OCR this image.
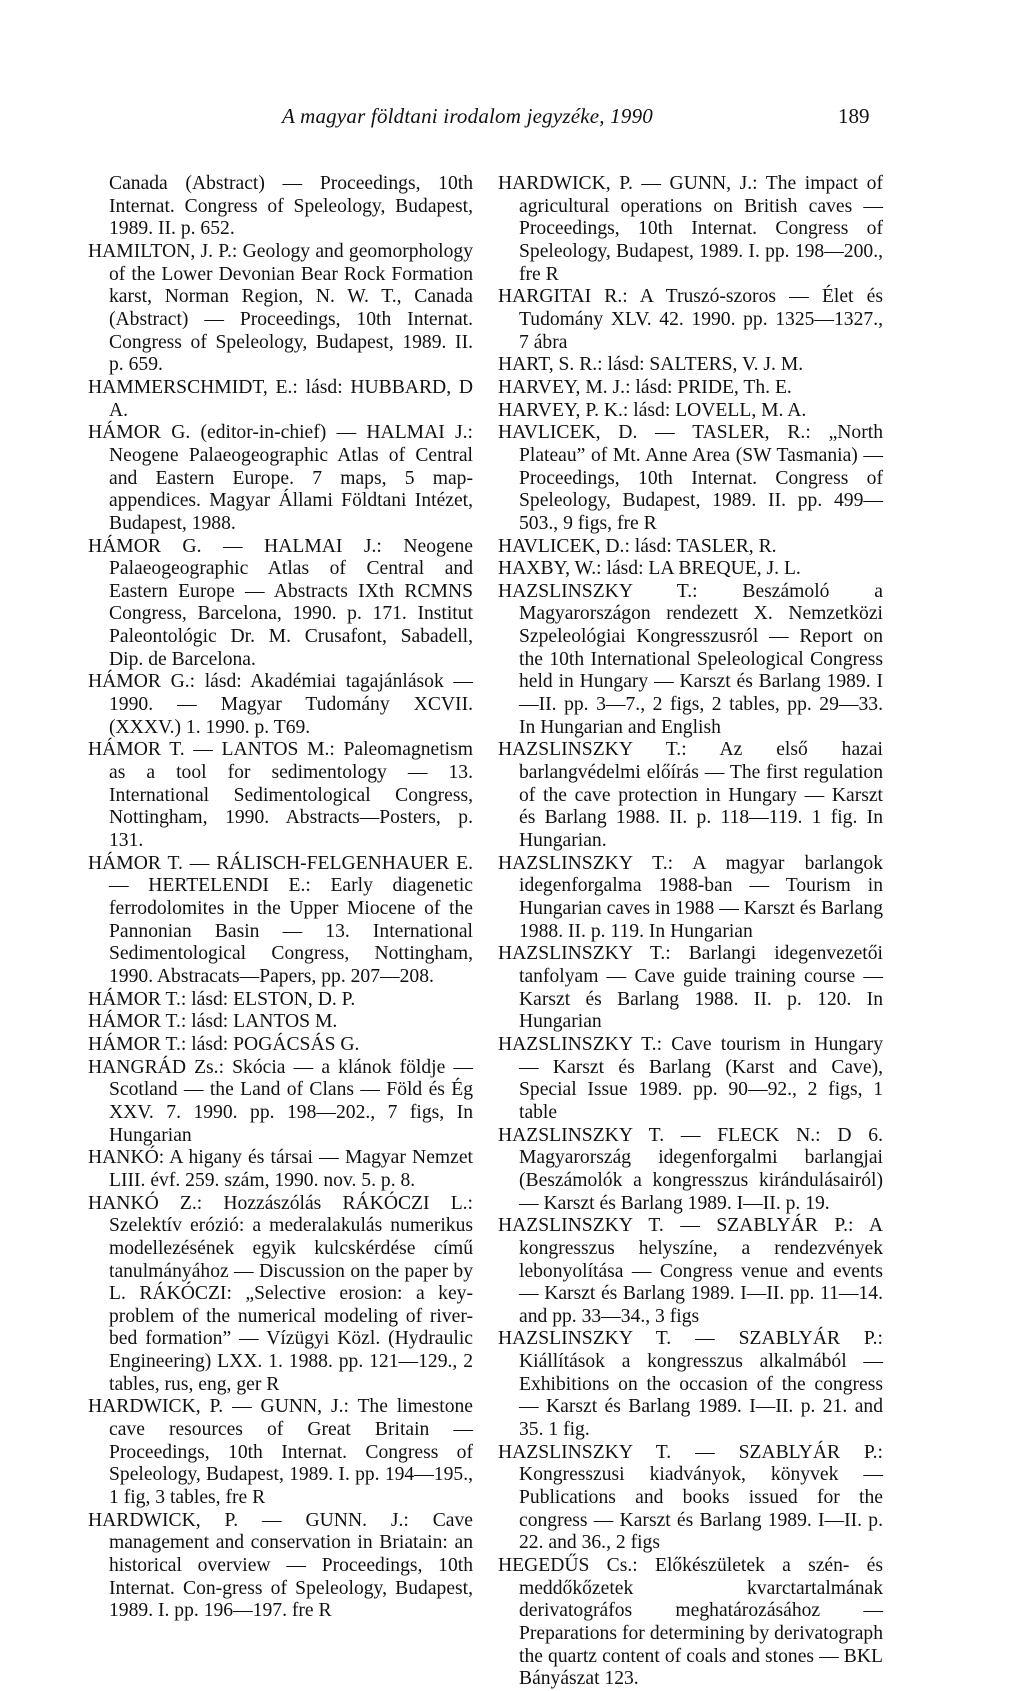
A magyar földtani irodalom jegyzéke, 1990	189

Canada (Abstract) — Proceedings, 10th Internat. Congress of Speleology, Budapest, 1989. II. p. 652.

HAMILTON, J. P.: Geology and geomorphology of the Lower Devonian Bear Rock Formation karst, Norman Region, N. W. T., Canada (Abstract) — Proceedings, 10th Internat. Congress of Speleology, Budapest, 1989. II. p. 659.

HAMMERSCHMIDT, E.: lásd: HUBBARD, D A.

HÁMOR G. (editor-in-chief) — HALMAI J.: Neogene Palaeogeographic Atlas of Central and Eastern Europe. 7 maps, 5 map-appendices. Magyar Állami Földtani Intézet, Budapest, 1988.

HÁMOR G. — HALMAI J.: Neogene Palaeogeographic Atlas of Central and Eastern Europe — Abstracts IXth RCMNS Congress, Barcelona, 1990. p. 171. Institut Paleontológic Dr. M. Crusafont, Sabadell, Dip. de Barcelona.

HÁMOR G.: lásd: Akadémiai tagajánlások — 1990. — Magyar Tudomány XCVII. (XXXV.) 1. 1990. p. T69.

HÁMOR T. — LANTOS M.: Paleomagnetism as a tool for sedimentology — 13. International Sedimentological Congress, Nottingham, 1990. Abstracts—Posters, p. 131.

HÁMOR T. — RÁLISCH-FELGENHAUER E. — HERTELENDI E.: Early diagenetic ferrodolomites in the Upper Miocene of the Pannonian Basin — 13. International Sedimentological Congress, Nottingham, 1990. Abstracats—Papers, pp. 207—208.

HÁMOR T.: lásd: ELSTON, D. P.

HÁMOR T.: lásd: LANTOS M.

HÁMOR T.: lásd: POGÁCSÁS G.

HANGRÁD Zs.: Skócia — a klánok földje — Scotland — the Land of Clans — Föld és Ég XXV. 7. 1990. pp. 198—202., 7 figs, In Hungarian

HANKÓ: A higany és társai — Magyar Nemzet LIII. évf. 259. szám, 1990. nov. 5. p. 8.

HANKÓ Z.: Hozzászólás RÁKÓCZI L.: Szelektív erózió: a mederalakulás numerikus modellezésének egyik kulcskérdése című tanulmányához — Discussion on the paper by L. RÁKÓCZI: „Selective erosion: a key-problem of the numerical modeling of river-bed formation” — Vízügyi Közl. (Hydraulic Engineering) LXX. 1. 1988. pp. 121—129., 2 tables, rus, eng, ger R

HARDWICK, P. — GUNN, J.: The limestone cave resources of Great Britain — Proceedings, 10th Internat. Congress of Speleology, Budapest, 1989. I. pp. 194—195., 1 fig, 3 tables, fre R

HARDWICK, P. — GUNN. J.: Cave management and conservation in Briatain: an historical overview — Proceedings, 10th Internat. Con-gress of Speleology, Budapest, 1989. I. pp. 196—197. fre R

HARDWICK, P. — GUNN, J.: The impact of agricultural operations on British caves — Proceedings, 10th Internat. Congress of Speleology, Budapest, 1989. I. pp. 198—200., fre R

HARGITAI R.: A Truszó-szoros — Élet és Tudomány XLV. 42. 1990. pp. 1325—1327., 7 ábra

HART, S. R.: lásd: SALTERS, V. J. M.

HARVEY, M. J.: lásd: PRIDE, Th. E.

HARVEY, P. K.: lásd: LOVELL, M. A.

HAVLICEK, D. — TASLER, R.: „North Plateau” of Mt. Anne Area (SW Tasmania) — Proceedings, 10th Internat. Congress of Speleology, Budapest, 1989. II. pp. 499—503., 9 figs, fre R

HAVLICEK, D.: lásd: TASLER, R.

HAXBY, W.: lásd: LA BREQUE, J. L.

HAZSLINSZKY T.: Beszámoló a Magyarországon rendezett X. Nemzetközi Szpeleológiai Kongresszusról — Report on the 10th International Speleological Congress held in Hungary — Karszt és Barlang 1989. I—II. pp. 3—7., 2 figs, 2 tables, pp. 29—33. In Hungarian and English

HAZSLINSZKY T.: Az első hazai barlangvédelmi előírás — The first regulation of the cave protection in Hungary — Karszt és Barlang 1988. II. p. 118—119. 1 fig. In Hungarian.

HAZSLINSZKY T.: A magyar barlangok idegenforgalma 1988-ban — Tourism in Hungarian caves in 1988 — Karszt és Barlang 1988. II. p. 119. In Hungarian

HAZSLINSZKY T.: Barlangi idegenvezetői tanfolyam — Cave guide training course — Karszt és Barlang 1988. II. p. 120. In Hungarian

HAZSLINSZKY T.: Cave tourism in Hungary — Karszt és Barlang (Karst and Cave), Special Issue 1989. pp. 90—92., 2 figs, 1 table

HAZSLINSZKY T. — FLECK N.: D 6. Magyarország idegenforgalmi barlangjai (Beszámolók a kongresszus kirándulásairól) — Karszt és Barlang 1989. I—II. p. 19.

HAZSLINSZKY T. — SZABLYÁR P.: A kongresszus helyszíne, a rendezvények lebonyolítása — Congress venue and events — Karszt és Barlang 1989. I—II. pp. 11—14. and pp. 33—34., 3 figs

HAZSLINSZKY T. — SZABLYÁR P.: Kiállítások a kongresszus alkalmából — Exhibitions on the occasion of the congress — Karszt és Barlang 1989. I—II. p. 21. and 35. 1 fig.

HAZSLINSZKY T. — SZABLYÁR P.: Kongresszusi kiadványok, könyvek — Publications and books issued for the congress — Karszt és Barlang 1989. I—II. p. 22. and 36., 2 figs

HEGEDŰS Cs.: Előkészületek a szén- és meddőkőzetek kvarctartalmának derivatográfos meghatározásához — Preparations for determining by derivatograph the quartz content of coals and stones — BKL Bányászat 123.
